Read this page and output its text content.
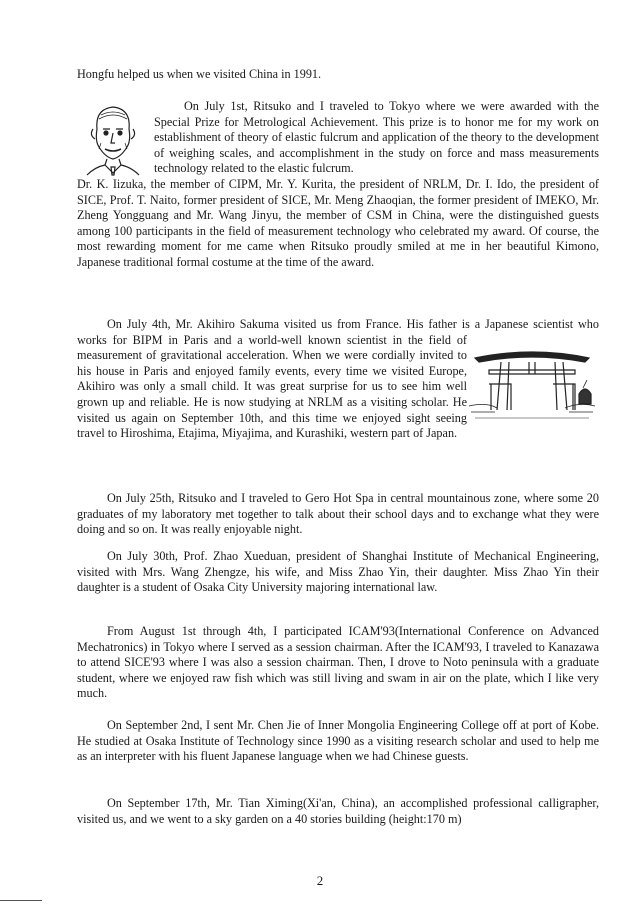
Hongfu helped us when we visited China in 1991.

On July 1st, Ritsuko and I traveled to Tokyo where we were awarded with the Special Prize for Metrological Achievement. This prize is to honor me for my work on establishment of theory of elastic fulcrum and application of the theory to the development of weighing scales, and accomplishment in the study on force and mass measurements technology related to the elastic fulcrum.

Dr. K. Iizuka, the member of CIPM, Mr. Y. Kurita, the president of NRLM, Dr. I. Ido, the president of SICE, Prof. T. Naito, former president of SICE, Mr. Meng Zhaoqian, the former president of IMEKO, Mr. Zheng Yongguang and Mr. Wang Jinyu, the member of CSM in China, were the distinguished guests among 100 participants in the field of measurement technology who celebrated my award. Of course, the most rewarding moment for me came when Ritsuko proudly smiled at me in her beautiful Kimono, Japanese traditional formal costume at the time of the award.

On July 4th, Mr. Akihiro Sakuma visited us from France. His father is a Japanese scientist who works for BIPM in Paris and a world-well known scientist in the field of measurement of gravitational acceleration. When we were cordially invited to his house in Paris and enjoyed family events, every time we visited Europe, Akihiro was only a small child. It was great surprise for us to see him well grown up and reliable. He is now studying at NRLM as a visiting scholar. He visited us again on September 10th, and this time we enjoyed sight seeing travel to Hiroshima, Etajima, Miyajima, and Kurashiki, western part of Japan.

On July 25th, Ritsuko and I traveled to Gero Hot Spa in central mountainous zone, where some 20 graduates of my laboratory met together to talk about their school days and to exchange what they were doing and so on. It was really enjoyable night.

On July 30th, Prof. Zhao Xueduan, president of Shanghai Institute of Mechanical Engineering, visited with Mrs. Wang Zhengze, his wife, and Miss Zhao Yin, their daughter. Miss Zhao Yin their daughter is a student of Osaka City University majoring international law.

From August 1st through 4th, I participated ICAM'93(International Conference on Advanced Mechatronics) in Tokyo where I served as a session chairman. After the ICAM'93, I traveled to Kanazawa to attend SICE'93 where I was also a session chairman. Then, I drove to Noto peninsula with a graduate student, where we enjoyed raw fish which was still living and swam in air on the plate, which I like very much.

On September 2nd, I sent Mr. Chen Jie of Inner Mongolia Engineering College off at port of Kobe. He studied at Osaka Institute of Technology since 1990 as a visiting research scholar and used to help me as an interpreter with his fluent Japanese language when we had Chinese guests.

On September 17th, Mr. Tian Ximing(Xi'an, China), an accomplished professional calligrapher, visited us, and we went to a sky garden on a 40 stories building (height:170 m)

2
